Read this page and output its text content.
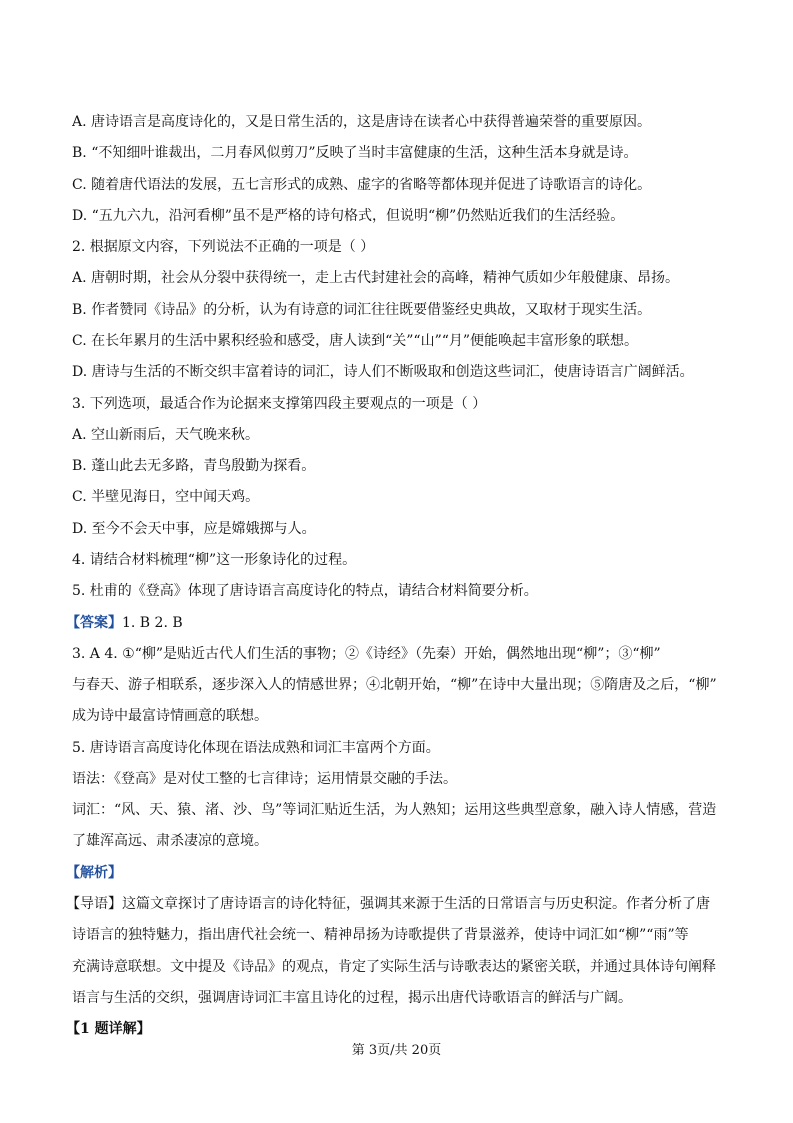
A. 唐诗语言是高度诗化的，又是日常生活的，这是唐诗在读者心中获得普遍荣誉的重要原因。
B. “不知细叶谁裁出，二月春风似剪刀”反映了当时丰富健康的生活，这种生活本身就是诗。
C. 随着唐代语法的发展，五七言形式的成熟、虚字的省略等都体现并促进了诗歌语言的诗化。
D. “五九六九，沿河看柳”虽不是严格的诗句格式，但说明“柳”仍然贴近我们的生活经验。
2. 根据原文内容，下列说法不正确的一项是（ ）
A. 唐朝时期，社会从分裂中获得统一，走上古代封建社会的高峰，精神气质如少年般健康、昂扬。
B. 作者赞同《诗品》的分析，认为有诗意的词汇往往既要借鉴经史典故，又取材于现实生活。
C. 在长年累月的生活中累积经验和感受，唐人读到“关”“山”“月”便能唤起丰富形象的联想。
D. 唐诗与生活的不断交织丰富着诗的词汇，诗人们不断吸取和创造这些词汇，使唐诗语言广阔鲜活。
3. 下列选项，最适合作为论据来支撑第四段主要观点的一项是（ ）
A. 空山新雨后，天气晚来秋。
B. 蓬山此去无多路，青鸟殷勤为探看。
C. 半壁见海日，空中闻天鸡。
D. 至今不会天中事，应是嫦娥掷与人。
4. 请结合材料梳理“柳”这一形象诗化的过程。
5. 杜甫的《登高》体现了唐诗语言高度诗化的特点，请结合材料简要分析。
【答案】1. B 2. B
3. A 4. ①“柳”是贴近古代人们生活的事物；②《诗经》（先秦）开始，偶然地出现“柳”；③“柳”
与春天、游子相联系，逐步深入人的情感世界；④北朝开始，“柳”在诗中大量出现；⑤隋唐及之后，“柳”
成为诗中最富诗情画意的联想。
5. 唐诗语言高度诗化体现在语法成熟和词汇丰富两个方面。
语法：《登高》是对仗工整的七言律诗；运用情景交融的手法。
词汇：“风、天、猿、渚、沙、鸟”等词汇贴近生活，为人熟知；运用这些典型意象，融入诗人情感，营造
了雄浑高远、肃杀凄凉的意境。
【解析】
【导语】这篇文章探讨了唐诗语言的诗化特征，强调其来源于生活的日常语言与历史积淀。作者分析了唐
诗语言的独特魅力，指出唐代社会统一、精神昂扬为诗歌提供了背景滋养，使诗中词汇如“柳”“雨”等
充满诗意联想。文中提及《诗品》的观点，肯定了实际生活与诗歌表达的紧密关联，并通过具体诗句阐释
语言与生活的交织，强调唐诗词汇丰富且诗化的过程，揭示出唐代诗歌语言的鲜活与广阔。
【1 题详解】
第 3页/共 20页
